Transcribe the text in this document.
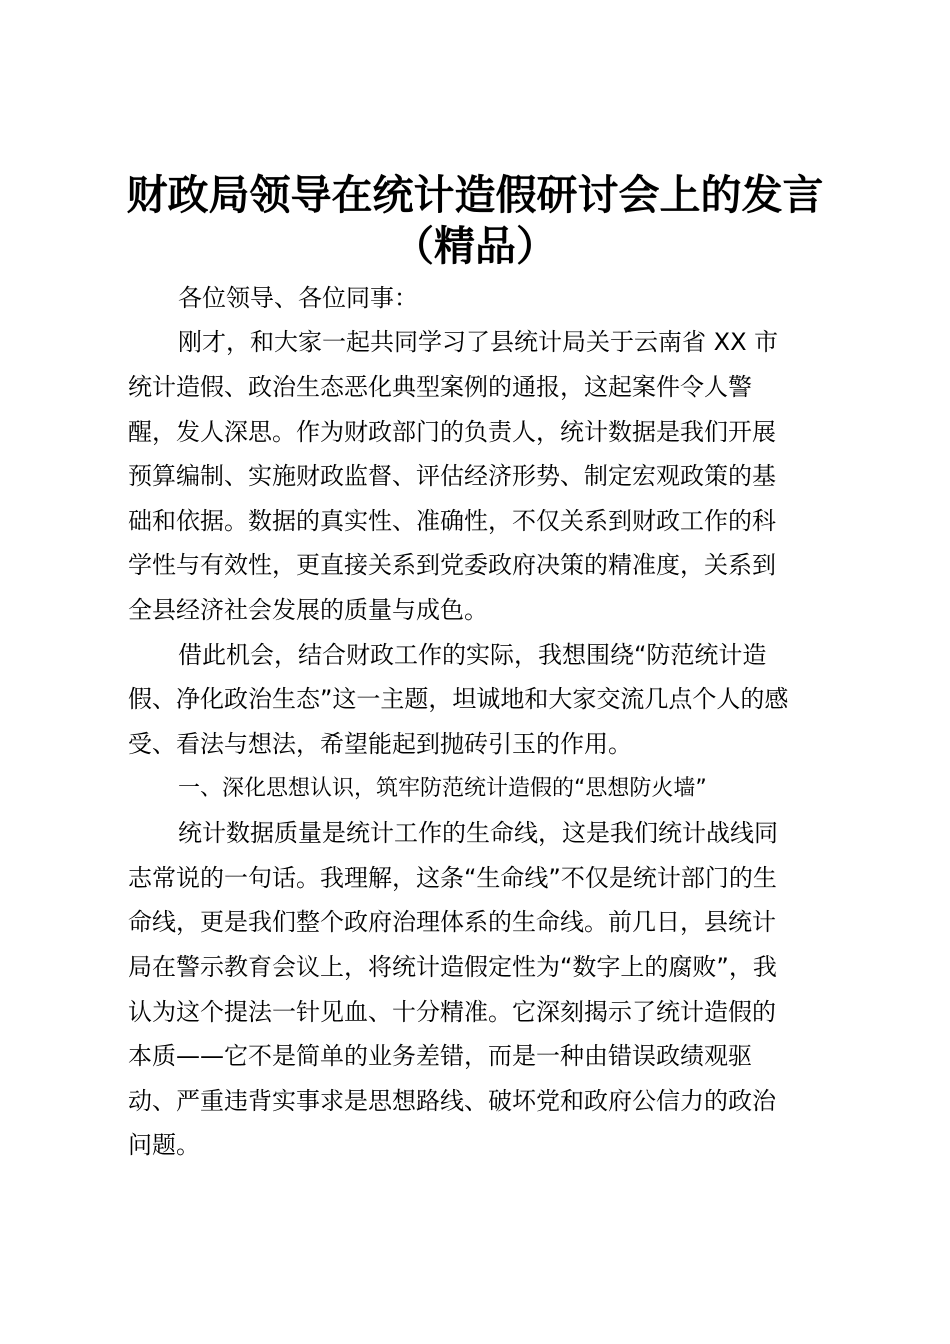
财政局领导在统计造假研讨会上的发言
（精品）
各位领导、各位同事：
刚才，和大家一起共同学习了县统计局关于云南省 XX 市
统计造假、政治生态恶化典型案例的通报，这起案件令人警
醒，发人深思。作为财政部门的负责人，统计数据是我们开展
预算编制、实施财政监督、评估经济形势、制定宏观政策的基
础和依据。数据的真实性、准确性，不仅关系到财政工作的科
学性与有效性，更直接关系到党委政府决策的精准度，关系到
全县经济社会发展的质量与成色。
借此机会，结合财政工作的实际，我想围绕“防范统计造
假、净化政治生态”这一主题，坦诚地和大家交流几点个人的感
受、看法与想法，希望能起到抛砖引玉的作用。
一、深化思想认识，筑牢防范统计造假的“思想防火墙”
统计数据质量是统计工作的生命线，这是我们统计战线同
志常说的一句话。我理解，这条“生命线”不仅是统计部门的生
命线，更是我们整个政府治理体系的生命线。前几日，县统计
局在警示教育会议上，将统计造假定性为“数字上的腐败”，我
认为这个提法一针见血、十分精准。它深刻揭示了统计造假的
本质——它不是简单的业务差错，而是一种由错误政绩观驱
动、严重违背实事求是思想路线、破坏党和政府公信力的政治
问题。
